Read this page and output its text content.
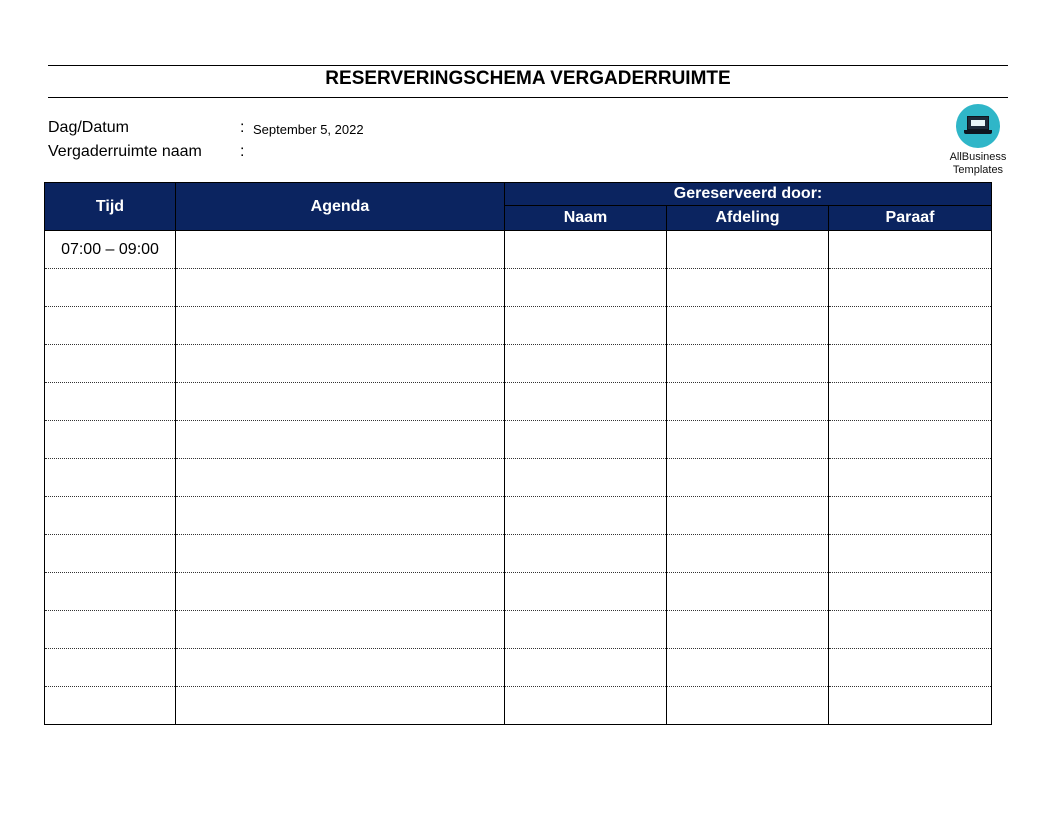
RESERVERINGSCHEMA VERGADERRUIMTE
Dag/Datum	: September 5, 2022
Vergaderruimte naam :	AllBusiness
Templates
Tijd	Agenda	Gereserveerd door:		
		Naam	Afdeling	Paraaf
07:00 – 09:00				
